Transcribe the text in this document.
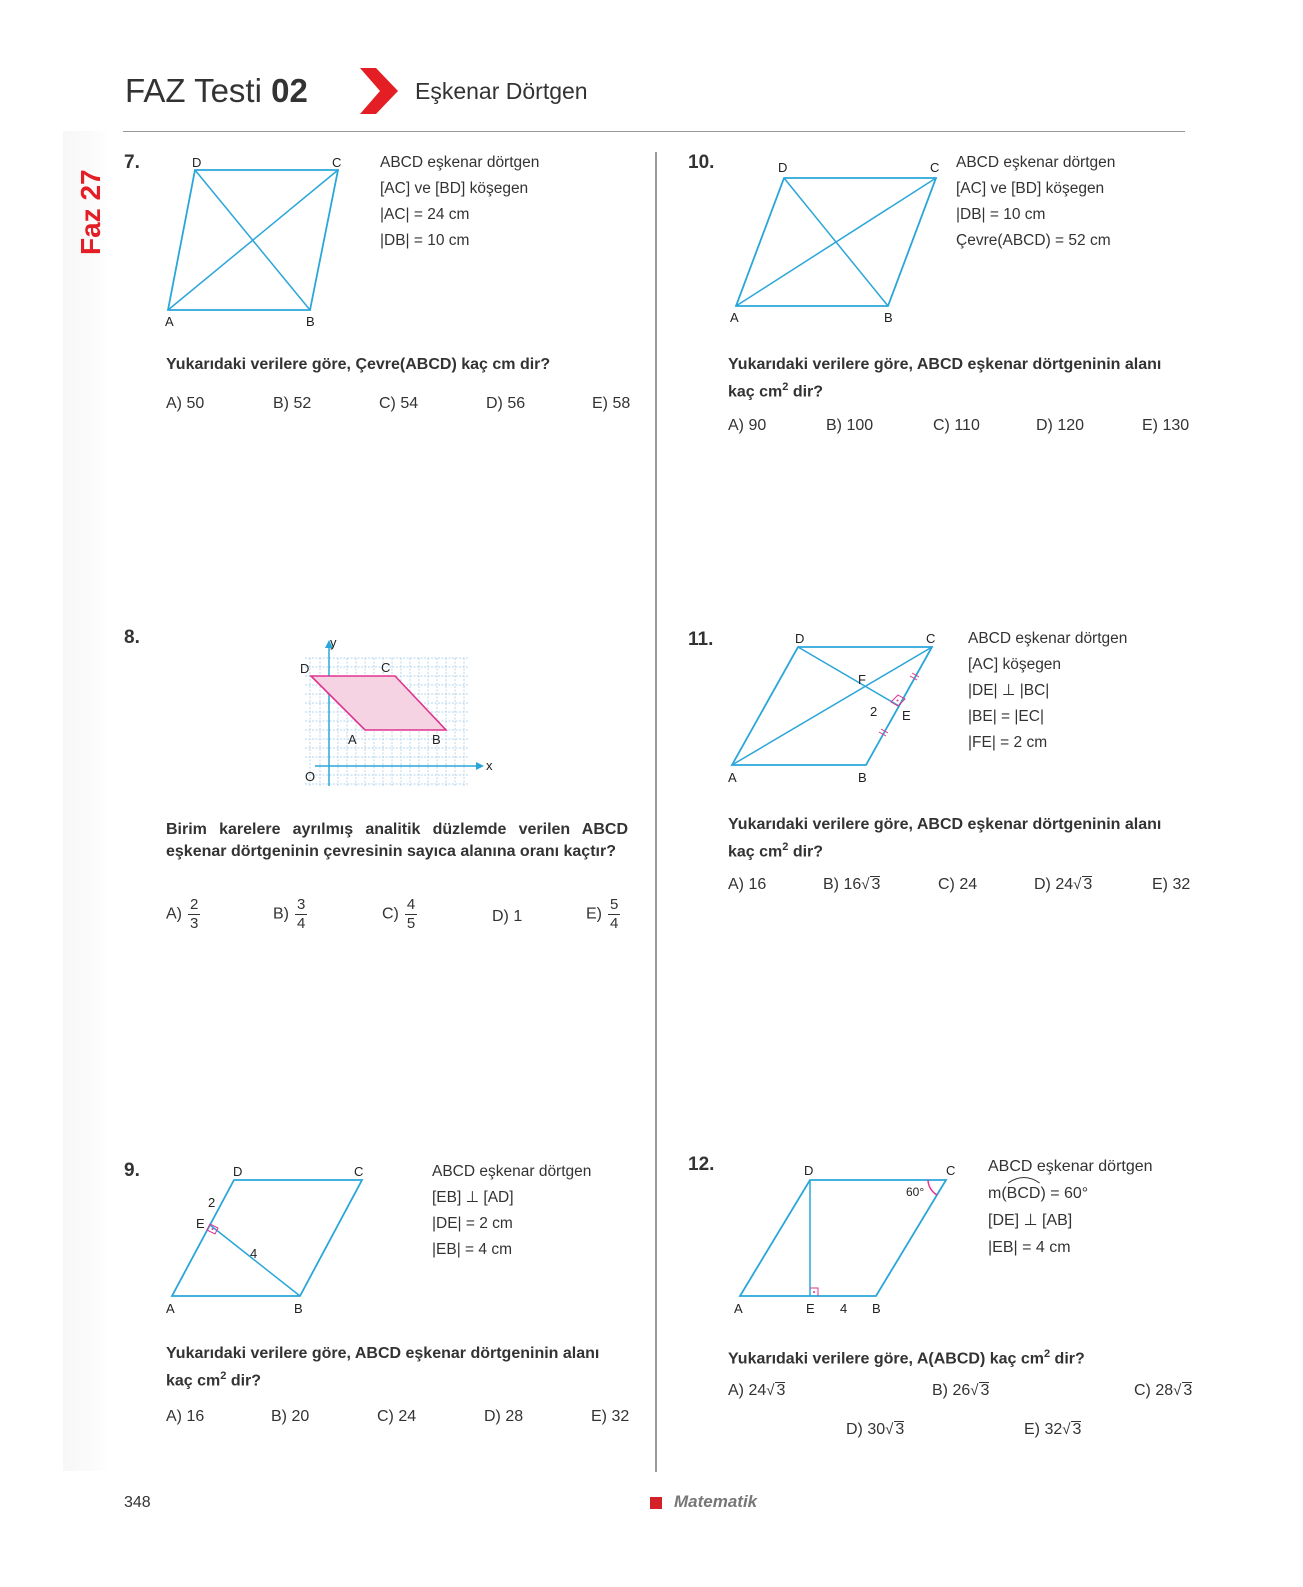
FAZ Testi 02	Eşkenar Dörtgen
Faz 27
7.	D	C
A	B
ABCD eşkenar dörtgen
[AC] ve [BD] köşegen
|AC| = 24 cm
|DB| = 10 cm
Yukarıdaki verilere göre, Çevre(ABCD) kaç cm dir?
A) 50	B) 52	C) 54	D) 56	E) 58
8.	y
D	C
A	B
O
x
Birim karelere ayrılmış analitik düzlemde verilen ABCD eşkenar dörtgeninin çevresinin sayıca alanına oranı kaçtır?
$A) \frac{2}{3}$	$B) \frac{3}{4}$	$C) \frac{4}{5}$	D) 1	$E) \frac{5}{4}$
9.	D	C
2
E
4
A	B
ABCD eşkenar dörtgen
[EB] ⊥ [AD]
|DE| = 2 cm
|EB| = 4 cm
Yukarıdaki verilere göre, ABCD eşkenar dörtgeninin alanı
kaç $cm^2$ dir?
A) 16	B) 20	C) 24	D) 28	E) 32
10.	D	C
A	B
ABCD eşkenar dörtgen
[AC] ve [BD] köşegen
|DB| = 10 cm
Çevre(ABCD) = 52 cm
Yukarıdaki verilere göre, ABCD eşkenar dörtgeninin alanı
kaç $cm^2$ dir?
A) 90	B) 100	C) 110	D) 120	E) 130
11.	D	C
F
2 E
A	B
ABCD eşkenar dörtgen
[AC] köşegen
|DE| ⊥ |BC|
|BE| = |EC|
|FE| = 2 cm
Yukarıdaki verilere göre, ABCD eşkenar dörtgeninin alanı
kaç $cm^2$ dir?
A) 16	B) 16√ 3	C) 24	D) 24√ 3	E) 32
12.	D	C
60°
A	E 4 B
ABCD eşkenar dörtgen
m(
BCD) = 60°
[DE] ⊥ [AB]
|EB| = 4 cm
Yukarıdaki verilere göre, A(ABCD) kaç $cm^2$ dir?
A) 24√ 3	B) 26√ 3	C) 28√ 3
D) 30√ 3	E) 32√ 3
348	Matematik
